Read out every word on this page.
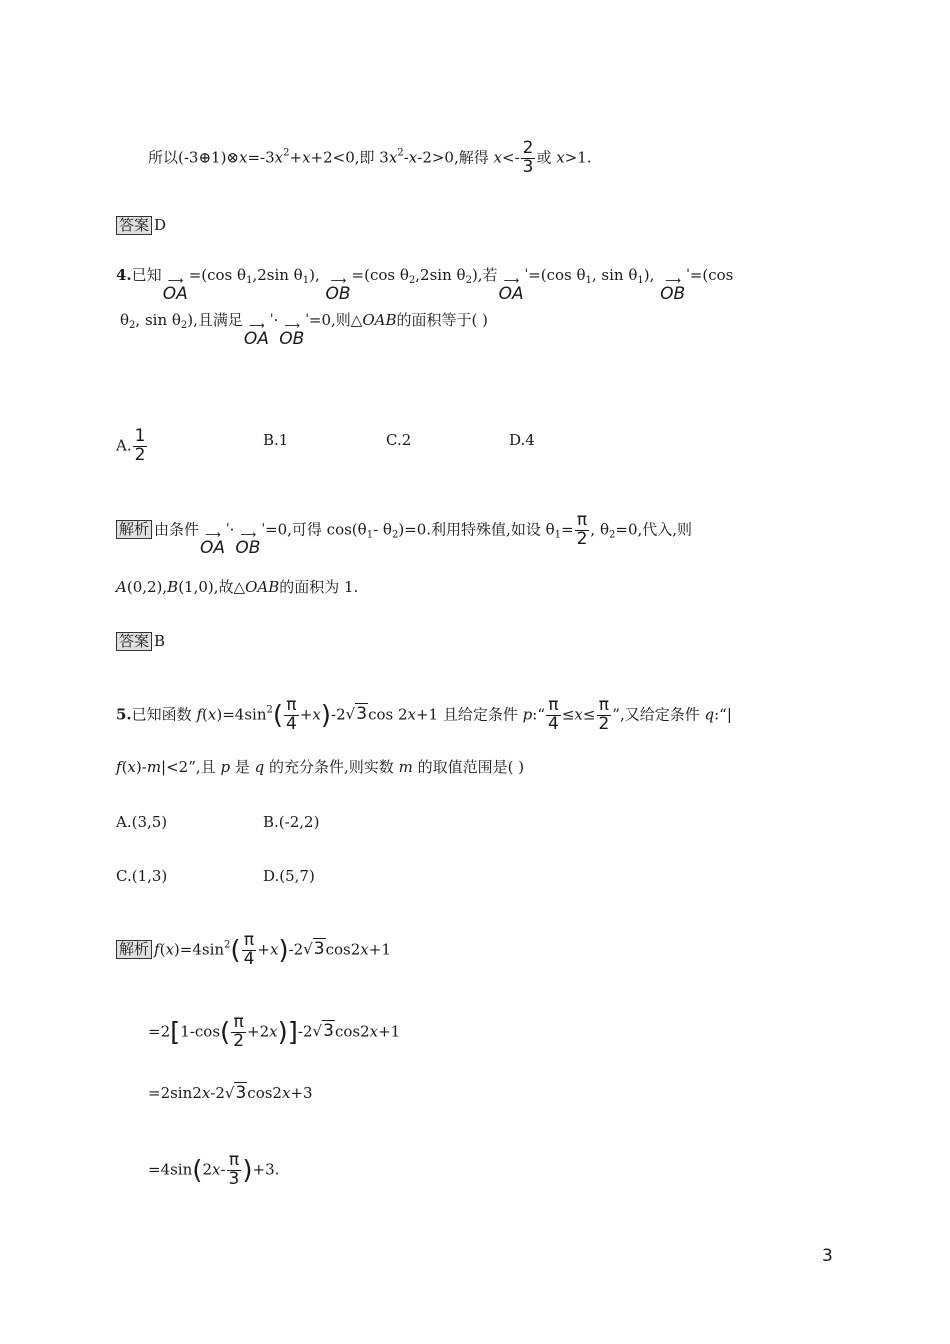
所以$(-3\oplus 1)\otimes x=-3x^2+x+2<0$,即 $3x^2-x-2>0$,解得 $x<- \frac{2}{3}$ 或 x>1.
答案 D
4.已知 ⟶
OA
=(cos $\theta_1,2\sin$ $\theta_1$), ⟶
OB
=(cos $\theta_2,2\sin$ $\theta_2$),若 ⟶
OA
'=(cos $\theta_1$, $\sin \theta_1$), ⟶
OB
'=(cos
$\theta_2$, $\sin \theta_2$),且满足 ⟶
OA
'· ⟶
OB
'=0,则△OAB的面积等于( )
A. $\frac{1}{2}$	B.1	C.2	D.4
解析 由条件 ⟶
OA
'· ⟶
OB
'=0,可得 $\cos(\theta_1-$ $\theta_2)=0$.利用特殊值,如设 $\theta_1= \frac{\pi}{2}$ , $\theta_2=0$,代入,则
A(0,2),B(1,0),故△OAB的面积为 1.
答案 B
5.已知函数 $f(x)=4\sin^2( \frac{\pi}{4} +x)-2√3\cos$ 2x+1 且给定条件 p:“ $\frac{\pi}{4} \le x\le \frac{\pi}{2}$ ”,又给定条件 q:“|
f(x)-m|<2”,且 p 是 q 的充分条件,则实数 m 的取值范围是( )
A.(3,5)	B.(-2,2)
C.(1,3)	D.(5,7)
解析 $f(x)=4\sin^2( \frac{\pi}{4} +x)-2√3\cos 2x+1$
$=2[1-\cos( \frac{\pi}{2} +2x)]-2√3\cos 2x+1$
=2sin2x-2√3cos2x+3
$=4\sin(2x- \frac{\pi}{3} )+3$.
3
